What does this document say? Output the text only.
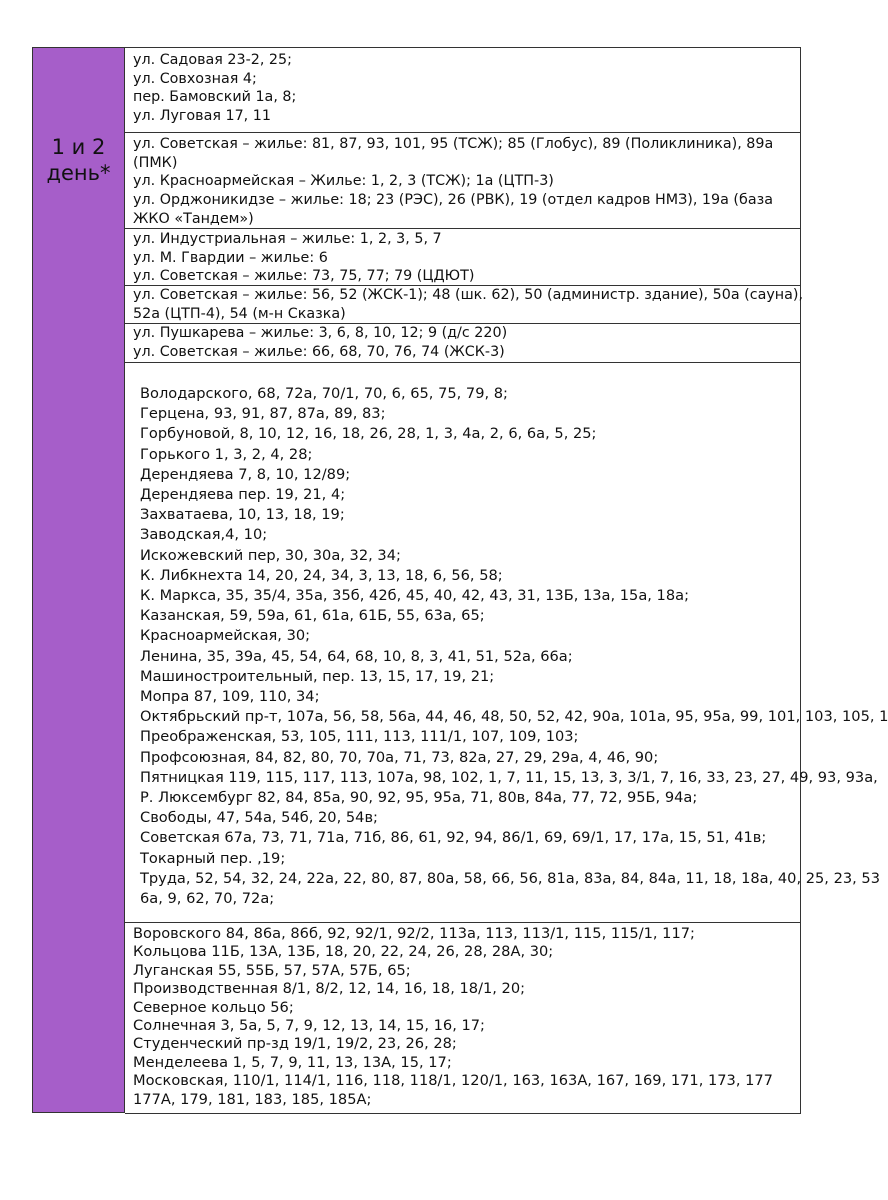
1 и 2
день*
ул. Садовая 23-2, 25;
ул. Совхозная 4;
пер. Бамовский 1а, 8;
ул. Луговая 17, 11
ул. Советская – жилье: 81, 87, 93, 101, 95 (ТСЖ); 85 (Глобус), 89 (Поликлиника), 89а
(ПМК)
ул. Красноармейская – Жилье: 1, 2, 3 (ТСЖ); 1а (ЦТП-3)
ул. Орджоникидзе – жилье: 18; 23 (РЭС), 26 (РВК), 19 (отдел кадров НМЗ), 19а (база
ЖКО «Тандем»)
ул. Индустриальная – жилье: 1, 2, 3, 5, 7
ул. М. Гвардии – жилье: 6
ул. Советская – жилье: 73, 75, 77; 79 (ЦДЮТ)
ул. Советская – жилье: 56, 52 (ЖСК-1); 48 (шк. 62), 50 (администр. здание), 50а (сауна),
52а (ЦТП-4), 54 (м-н Сказка)
ул. Пушкарева – жилье: 3, 6, 8, 10, 12; 9 (д/с 220)
ул. Советская – жилье: 66, 68, 70, 76, 74 (ЖСК-3)
Володарского, 68, 72а, 70/1, 70, 6, 65, 75, 79, 8;
Герцена, 93, 91, 87, 87а, 89, 83;
Горбуновой, 8, 10, 12, 16, 18, 26, 28, 1, 3, 4а, 2, 6, 6а, 5, 25;
Горького 1, 3, 2, 4, 28;
Дерендяева 7, 8, 10, 12/89;
Дерендяева пер. 19, 21, 4;
Захватаева, 10, 13, 18, 19;
Заводская,4, 10;
Искожевский пер, 30, 30а, 32, 34;
К. Либкнехта 14, 20, 24, 34, 3, 13, 18, 6, 56, 58;
К. Маркса, 35, 35/4, 35а, 35б, 42б, 45, 40, 42, 43, 31, 13Б, 13а, 15а, 18а;
Казанская, 59, 59а, 61, 61а, 61Б, 55, 63а, 65;
Красноармейская, 30;
Ленина, 35, 39а, 45, 54, 64, 68, 10, 8, 3, 41, 51, 52а, 66а;
Машиностроительный, пер. 13, 15, 17, 19, 21;
Мопра 87, 109, 110, 34;
Октябрьский пр-т, 107а, 56, 58, 56а, 44, 46, 48, 50, 52, 42, 90а, 101а, 95, 95а, 99, 101, 103, 105, 1
Преображенская, 53, 105, 111, 113, 111/1, 107, 109, 103;
Профсоюзная, 84, 82, 80, 70, 70а, 71, 73, 82а, 27, 29, 29а, 4, 46, 90;
Пятницкая 119, 115, 117, 113, 107а, 98, 102, 1, 7, 11, 15, 13, 3, 3/1, 7, 16, 33, 23, 27, 49, 93, 93а,
Р. Люксембург 82, 84, 85а, 90, 92, 95, 95а, 71, 80в, 84а, 77, 72, 95Б, 94а;
Свободы, 47, 54а, 54б, 20, 54в;
Советская 67а, 73, 71, 71а, 71б, 86, 61, 92, 94, 86/1, 69, 69/1, 17, 17а, 15, 51, 41в;
Токарный пер. ,19;
Труда, 52, 54, 32, 24, 22а, 22, 80, 87, 80а, 58, 66, 56, 81а, 83а, 84, 84а, 11, 18, 18а, 40, 25, 23, 53
6а, 9, 62, 70, 72а;
Воровского 84, 86а, 86б, 92, 92/1, 92/2, 113а, 113, 113/1, 115, 115/1, 117;
Кольцова 11Б, 13А, 13Б, 18, 20, 22, 24, 26, 28, 28А, 30;
Луганская 55, 55Б, 57, 57А, 57Б, 65;
Производственная 8/1, 8/2, 12, 14, 16, 18, 18/1, 20;
Северное кольцо 56;
Солнечная 3, 5а, 5, 7, 9, 12, 13, 14, 15, 16, 17;
Студенческий пр-зд 19/1, 19/2, 23, 26, 28;
Менделеева 1, 5, 7, 9, 11, 13, 13А, 15, 17;
Московская, 110/1, 114/1, 116, 118, 118/1, 120/1, 163, 163А, 167, 169, 171, 173, 177
177А, 179, 181, 183, 185, 185А;
